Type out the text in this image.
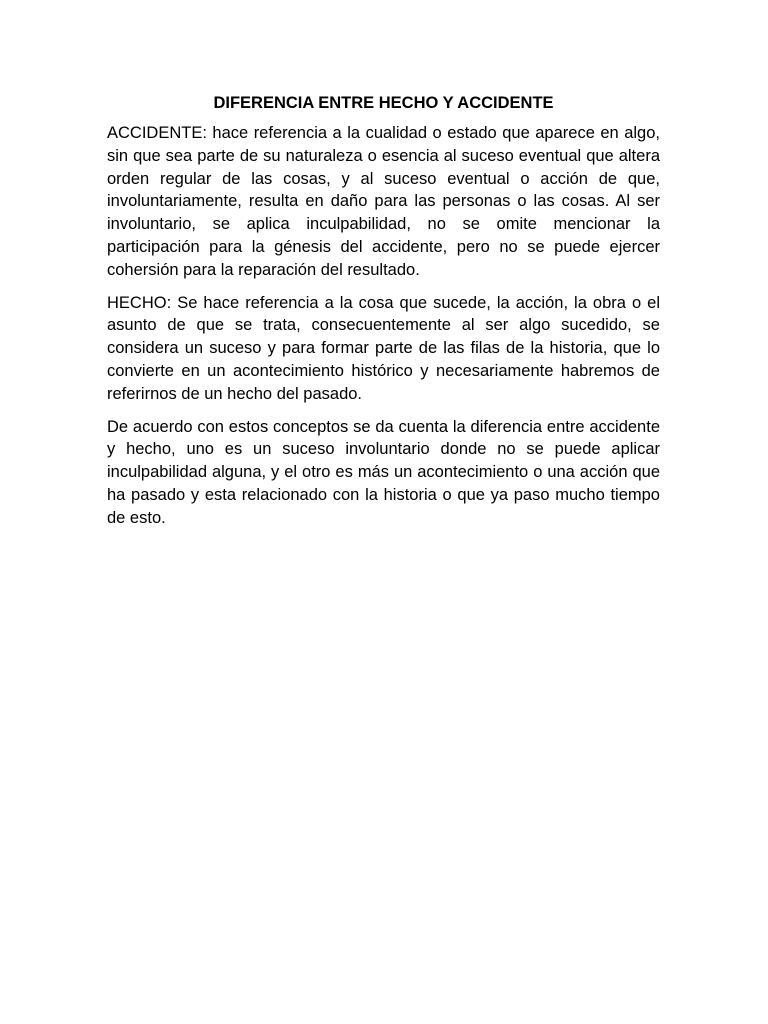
DIFERENCIA ENTRE HECHO Y ACCIDENTE

ACCIDENTE: hace referencia a la cualidad o estado que aparece en algo, sin que sea parte de su naturaleza o esencia al suceso eventual que altera orden regular de las cosas, y al suceso eventual o acción de que, involuntariamente, resulta en daño para las personas o las cosas. Al ser involuntario, se aplica inculpabilidad, no se omite mencionar la participación para la génesis del accidente, pero no se puede ejercer cohersión para la reparación del resultado.

HECHO: Se hace referencia a la cosa que sucede, la acción, la obra o el asunto de que se trata, consecuentemente al ser algo sucedido, se considera un suceso y para formar parte de las filas de la historia, que lo convierte en un acontecimiento histórico y necesariamente habremos de referirnos de un hecho del pasado.

De acuerdo con estos conceptos se da cuenta la diferencia entre accidente y hecho, uno es un suceso involuntario donde no se puede aplicar inculpabilidad alguna, y el otro es más un acontecimiento o una acción que ha pasado y esta relacionado con la historia o que ya paso mucho tiempo de esto.
